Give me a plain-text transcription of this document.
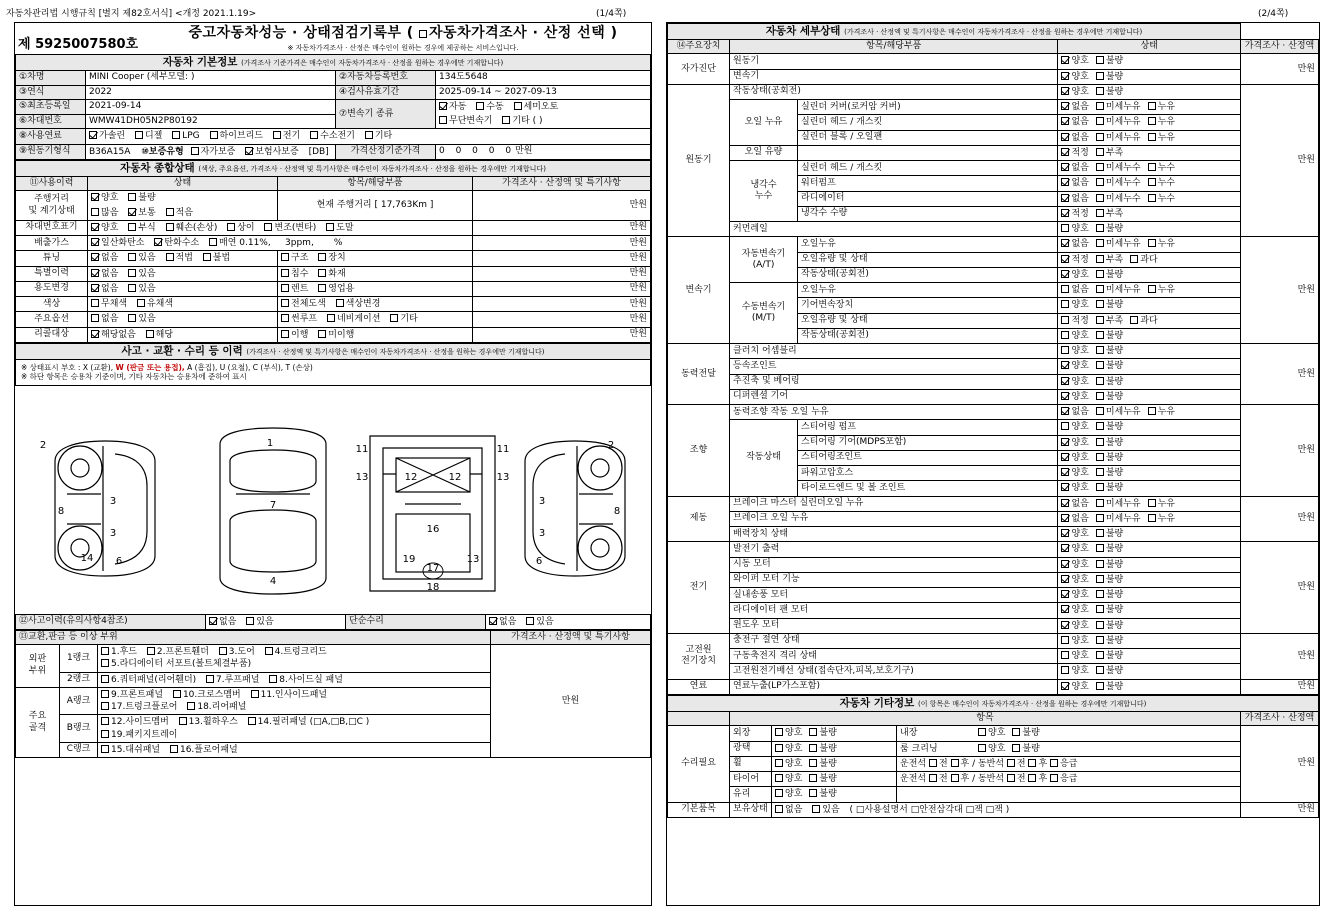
자동차관리법 시행규칙 [별지 제82호서식] <개정 2021.1.19>	(1/4쪽)	(2/4쪽)
제 5925007580호

중고자동차성능 · 상태점검기록부 ( 자동차가격조사 · 산정 선택 )
※ 자동차가격조사 · 산정은 매수인이 원하는 경우에 제공하는 서비스입니다.
자동차 기본정보 (가격조사 기준가격은 매수인이 자동차가격조사 · 산정을 원하는 경우에만 기재합니다)			
①차명	MINI Cooper (세부모델: )	②자동차등록번호	134도5648
③연식	2022	④검사유효기간	2025-09-14 ~ 2027-09-13
⑤최초등록일	2021-09-14	⑦변속기 종류	자동 수동 세미오토
⑥차대번호	WMW41DH05N2P80192		무단변속기 기타 ( )
⑧사용연료	가솔린 디젤 LPG 하이브리드 전기 수소전기 기타		
⑨원동기형식	B36A15A ⑩보증유형 자가보증 보험사보증 [DB]	가격산정기준가격	0 0 0 0 0만원
자동차 종합상태 (색상, 주요옵션, 가격조사 · 산정액 및 특기사항은 매수인이 자동차가격조사 · 산정을 원하는 경우에만 기재합니다)			
⑪사용이력	상태	항목/해당부품	가격조사 · 산정액 및 특기사항
주행거리
및 계기상태	양호 불량	현재 주행거리 [ 17,763Km ]	만원
	많음 보통 적음		
차대번호표기	양호 부식 훼손(손상) 상이 변조(변타) 도말		만원
배출가스	일산화탄소 탄화수소 매연 0.11%,     3ppm,       %		만원
튜닝	없음 있음 적법 불법	구조 장치	만원
특별이력	없음 있음	침수 화재	만원
용도변경	없음 있음	렌트 영업용	만원
색상	무채색 유채색	전체도색 색상변경	만원
주요옵션	없음 있음	썬루프 네비게이션 기타	만원
리콜대상	해당없음 해당	이행 미이행	만원
사고 · 교환 · 수리 등 이력 (가격조사 · 산정액 및 특기사항은 매수인이 자동차가격조사 · 산정을 원하는 경우에만 기재합니다)

※ 상태표시 부호 : X (교환), W (판금 또는 용접), A (흠집), U (요철), C (부식), T (손상)
※ 하단 항목은 승용차 기준이며, 기타 자동차는 승용차에 준하여 표시
8
3
3
6
14
1
7
4
11	11
13	13
12	12
16
19	13
17
18
8
3
3
6
2
2
⑫사고이력(유의사항4참조)	없음 있음	단순수리	없음 있음
⑬교환,판금 등 이상 부위			가격조사 · 산정액 및 특기사항
외판
부위	1랭크	
1.후드 2.프론트휀더 3.도어 4.트렁크리드
5.라디에이터 서포트(볼트체결부품)
	만원
	2랭크	6.쿼터패널(리어휀더) 7.루프패널 8.사이드실 패널	
주요
골격	A랭크	
9.프론트패널 10.크로스멤버 11.인사이드패널
17.트렁크플로어 18.리어패널

	B랭크	12.사이드멤버 13.휠하우스 14.필러패널 (□A,□B,□C )
19.패키지트레이	

	C랭크	15.대쉬패널 16.플로어패널	
자동차 세부상태 (가격조사 · 산정액 및 특기사항은 매수인이 자동차가격조사 · 산정을 원하는 경우에만 기재합니다)				
⑭주요장치	항목/해당부품		상태	가격조사 · 산정액
자가진단	원동기		양호 불량	만원
	변속기		양호 불량	
원동기	작동상태(공회전)		양호 불량	만원
	오일 누유	실린더 커버(로커암 커버)	없음 미세누유 누유	
		실린더 헤드 / 개스킷	없음 미세누유 누유	
		실린더 블록 / 오일팬	없음 미세누유 누유	
	오일 유량		적정 부족	
	냉각수
누수	실린더 헤드 / 개스킷	없음 미세누수 누수	
		워터펌프	없음 미세누수 누수	
		라디에이터	없음 미세누수 누수	
		냉각수 수량	적정 부족	
	커먼레일		양호 불량	
변속기	자동변속기
(A/T)	오일누유	없음 미세누유 누유	만원
		오일유량 및 상태	적정 부족 과다	
		작동상태(공회전)	양호 불량	
	수동변속기
(M/T)	오일누유	없음 미세누유 누유	
		기어변속장치	양호 불량	
		오일유량 및 상태	적정 부족 과다	
		작동상태(공회전)	양호 불량	
동력전달	클러치 어셈블리		양호 불량	만원
	등속조인트		양호 불량	
	추진축 및 베어링		양호 불량	
	디퍼렌셜 기어		양호 불량	
조향	동력조향 작동 오일 누유		없음 미세누유 누유	만원
	작동상태	스티어링 펌프	양호 불량	
		스티어링 기어(MDPS포함)	양호 불량	
		스티어링조인트	양호 불량	
		파워고압호스	양호 불량	
		타이로드엔드 및 볼 조인트	양호 불량	
제동	브레이크 마스터 실린더오일 누유		없음 미세누유 누유	만원
	브레이크 오일 누유		없음 미세누유 누유	
	배력장치 상태		양호 불량	
전기	발전기 출력		양호 불량	만원
	시동 모터		양호 불량	
	와이퍼 모터 기능		양호 불량	
	실내송풍 모터		양호 불량	
	라디에이터 팬 모터		양호 불량	
	윈도우 모터		양호 불량	
고전원
전기장치	충전구 절연 상태		양호 불량	만원
	구동축전지 격리 상태		양호 불량	
	고전원전기배선 상태(접속단자,피복,보호기구)		양호 불량	
연료	연료누출(LP가스포함)		양호 불량	만원
자동차 기타정보 (이 항목은 매수인이 자동차가격조사 · 산정을 원하는 경우에만 기재합니다)				
	항목			가격조사 · 산정액
수리필요	외장	양호 불량	내장 양호 불량	만원
	광택	양호 불량	룸 크리닝 양호 불량	
	휠	양호 불량	운전석 전 후 / 동반석 전 후 응급	
	타이어	양호 불량	운전석 전 후 / 동반석 전 후 응급	
	유리	양호 불량		
기본품목	보유상태	없음 있음 ( □사용설명서 □안전삼각대 □잭 □잭 )		만원
